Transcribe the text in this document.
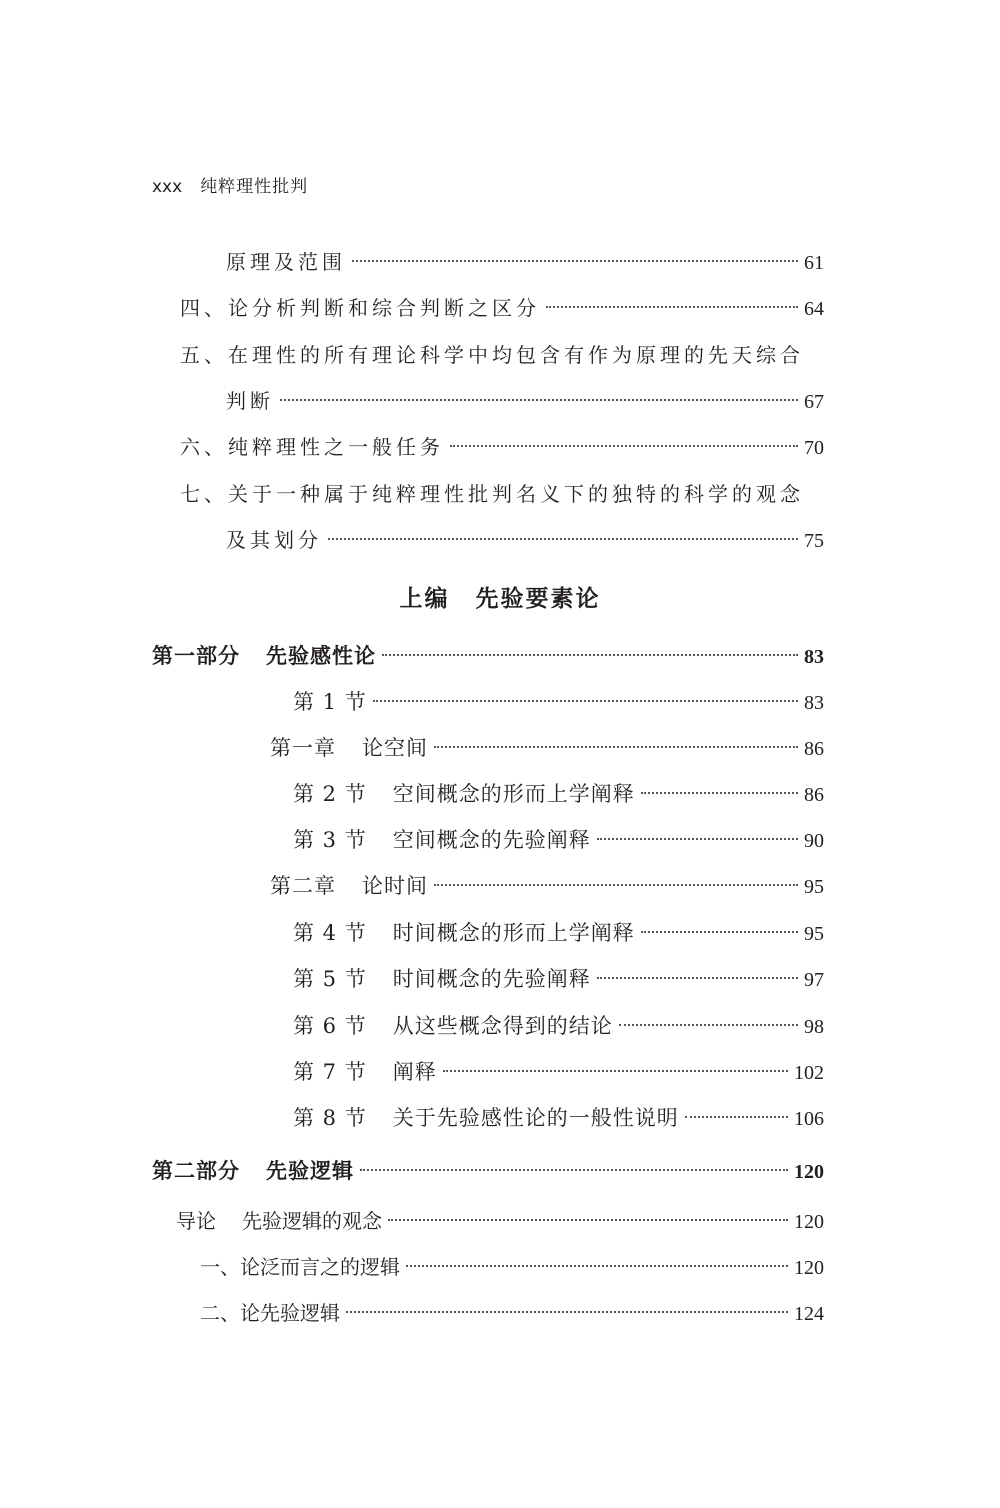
xxx 纯粹理性批判
原理及范围	61
四、论分析判断和综合判断之区分	64
五、在理性的所有理论科学中均包含有作为原理的先天综合
判断	67
六、纯粹理性之一般任务	70
七、关于一种属于纯粹理性批判名义下的独特的科学的观念
及其划分	75
上编 先验要素论
第一部分 先验感性论	83
第 1 节	83
第一章 论空间	86
第 2 节 空间概念的形而上学阐释	86
第 3 节 空间概念的先验阐释	90
第二章 论时间	95
第 4 节 时间概念的形而上学阐释	95
第 5 节 时间概念的先验阐释	97
第 6 节 从这些概念得到的结论	98
第 7 节 阐释	102
第 8 节 关于先验感性论的一般性说明	106
第二部分 先验逻辑	120
导论 先验逻辑的观念	120
一、论泛而言之的逻辑	120
二、论先验逻辑	124
